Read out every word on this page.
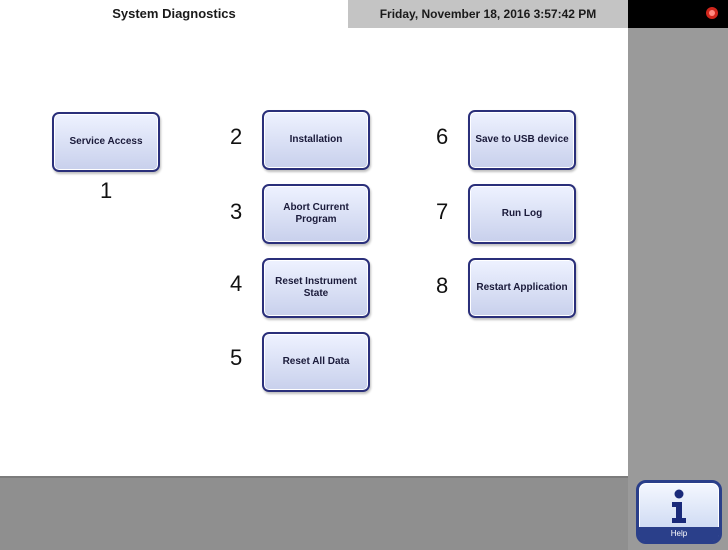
System Diagnostics	Friday, November 18, 2016 3:57:42 PM
Service Access
1
2	Installation
3	Abort Current Program
4	Reset Instrument State
5	Reset All Data
6	Save to USB device
7	Run Log
8	Restart Application
Help
